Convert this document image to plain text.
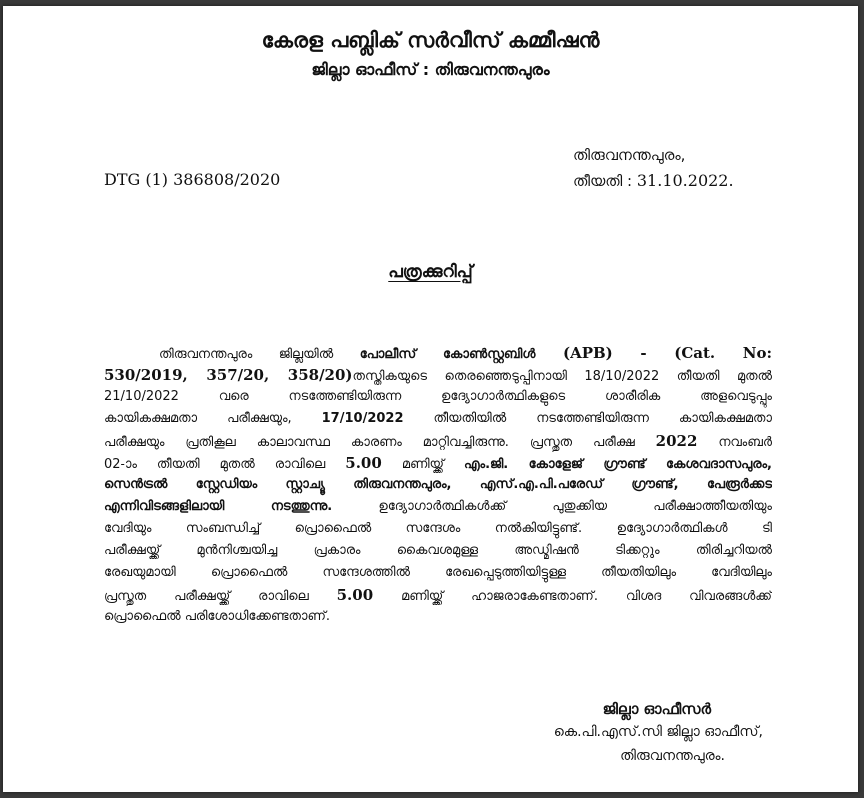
കേരള പബ്ലിക് സർവീസ് കമ്മീഷൻ
ജില്ലാ ഓഫീസ് : തിരുവനന്തപുരം
തിരുവനന്തപുരം,
DTG (1) 386808/2020	തീയതി : 31.10.2022.
പത്രക്കുറിപ്പ്
തിരുവനന്തപുരം ജില്ലയിൽ പോലീസ് കോൺസ്റ്റബിൾ (APB) - (Cat. No:
530/2019, 357/20, 358/20)തസ്തികയുടെ തെരഞ്ഞെടുപ്പിനായി 18/10/2022 തീയതി മുതൽ
21/10/2022 വരെ നടത്തേണ്ടിയിരുന്ന ഉദ്യോഗാർത്ഥികളുടെ ശാരീരിക അളവെടുപ്പും
കായികക്ഷമതാ പരീക്ഷയും, 17/10/2022 തീയതിയിൽ നടത്തേണ്ടിയിരുന്ന കായികക്ഷമതാ
പരീക്ഷയും പ്രതികൂല കാലാവസ്ഥ കാരണം മാറ്റിവച്ചിരുന്നു. പ്രസ്തുത പരീക്ഷ 2022 നവംബർ
02-ാം തീയതി മുതൽ രാവിലെ 5.00 മണിയ്ക്ക് എം.ജി. കോളേജ് ഗ്രൗണ്ട് കേശവദാസപുരം,
സെൻട്രൽ സ്റ്റേഡിയം സ്റ്റാച്യൂ തിരുവനന്തപുരം, എസ്.എ.പി.പരേഡ് ഗ്രൗണ്ട്, പേരൂർക്കട
എന്നിവിടങ്ങളിലായി നടത്തുന്നു. ഉദ്യോഗാർത്ഥികൾക്ക് പുതുക്കിയ പരീക്ഷാത്തീയതിയും
വേദിയും സംബന്ധിച്ച് പ്രൊഫൈൽ സന്ദേശം നൽകിയിട്ടുണ്ട്. ഉദ്യോഗാർത്ഥികൾ ടി
പരീക്ഷയ്ക്ക് മുൻനിശ്ചയിച്ച പ്രകാരം കൈവശമുള്ള അഡ്മിഷൻ ടിക്കറ്റും തിരിച്ചറിയൽ
രേഖയുമായി പ്രൊഫൈൽ സന്ദേശത്തിൽ രേഖപ്പെടുത്തിയിട്ടുള്ള തീയതിയിലും വേദിയിലും
പ്രസ്തുത പരീക്ഷയ്ക്ക് രാവിലെ 5.00 മണിയ്ക്ക് ഹാജരാകേണ്ടതാണ്. വിശദ വിവരങ്ങൾക്ക്
പ്രൊഫൈൽ പരിശോധിക്കേണ്ടതാണ്.
ജില്ലാ ഓഫീസർ
കെ.പി.എസ്.സി ജില്ലാ ഓഫീസ്,
തിരുവനന്തപുരം.
